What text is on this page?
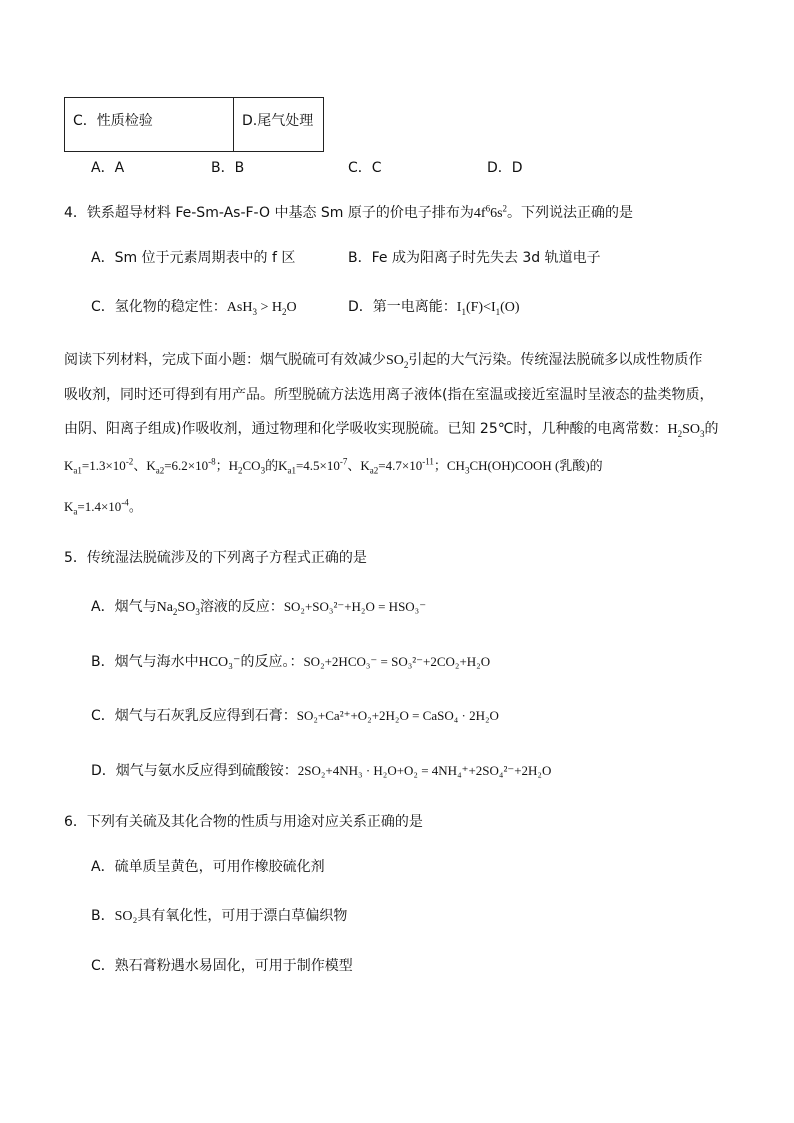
C．性质检验	D.尾气处理
A．A	B．B	C．C	D．D
4．铁系超导材料 Fe-Sm-As-F-O 中基态 Sm 原子的价电子排布为$4f^66s^2$。下列说法正确的是
A．Sm 位于元素周期表中的 f 区	B．Fe 成为阳离子时先失去 3d 轨道电子
C．氢化物的稳定性：$AsH_3 > H_2O$	D．第一电离能：$I_1(F)<I_1(O)$
阅读下列材料，完成下面小题：烟气脱硫可有效减少$SO_2$引起的大气污染。传统湿法脱硫多以成性物质作
吸收剂，同时还可得到有用产品。所型脱硫方法选用离子液体(指在室温或接近室温时呈液态的盐类物质，
由阴、阳离子组成)作吸收剂，通过物理和化学吸收实现脱硫。已知 25℃时，几种酸的电离常数：$H_2SO_3$的
$K_{a1}=1.3\times 10^{-2}$、$K_{a2}=6.2\times 10^{-8}$；$H_2CO_3$的$K_{a1}=4.5\times 10^{-7}$、$K_{a2}=4.7\times 10^{-11}$；$CH_3CH(OH)COOH$ (乳酸)的
$K_a=1.4\times 10^{-4}$。
5．传统湿法脱硫涉及的下列离子方程式正确的是
A．烟气与$Na_2SO_3$溶液的反应：SO₂+SO₃²⁻+H₂O = HSO₃⁻
B．烟气与海水中HCO₃⁻的反应。：SO₂+2HCO₃⁻ = SO₃²⁻+2CO₂+H₂O
C．烟气与石灰乳反应得到石膏：SO₂+Ca²⁺+O₂+2H₂O = CaSO₄ · 2H₂O
D．烟气与氨水反应得到硫酸铵：2SO₂+4NH₃ · H₂O+O₂ = 4NH₄⁺+2SO₄²⁻+2H₂O
6．下列有关硫及其化合物的性质与用途对应关系正确的是
A．硫单质呈黄色，可用作橡胶硫化剂
B．SO₂具有氧化性，可用于漂白草偏织物
C．熟石膏粉遇水易固化，可用于制作模型
